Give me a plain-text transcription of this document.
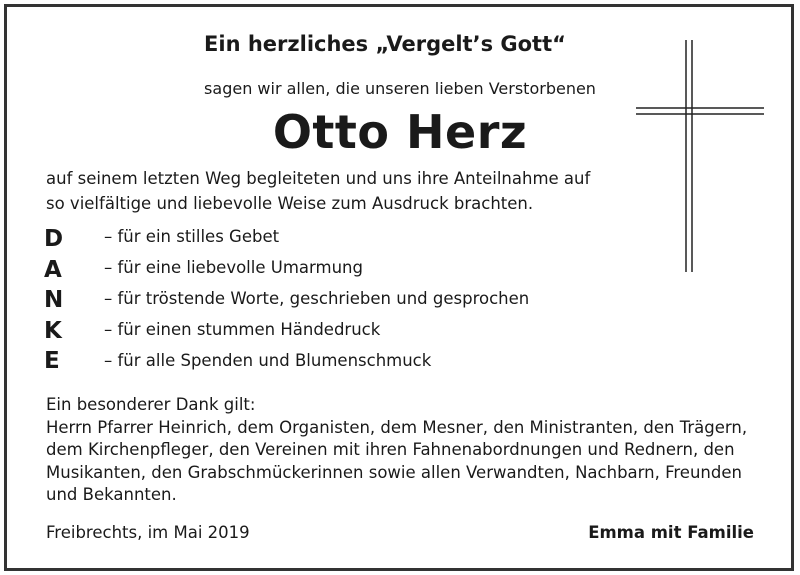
Ein herzliches „Vergelt’s Gott“
sagen wir allen, die unseren lieben Verstorbenen
Otto Herz
auf seinem letzten Weg begleiteten und uns ihre Anteilnahme auf so vielfältige und liebevolle Weise zum Ausdruck brachten.
D – für ein stilles Gebet
A	– für eine liebevolle Umarmung
N – für tröstende Worte, geschrieben und gesprochen
K	– für einen stummen Händedruck
E	– für alle Spenden und Blumenschmuck
Ein besonderer Dank gilt:
Herrn Pfarrer Heinrich, dem Organisten, dem Mesner, den Ministranten, den Trägern, dem Kirchenpfleger, den Vereinen mit ihren Fahnenabordnungen und Rednern, den Musikanten, den Grabschmückerinnen sowie allen Verwandten, Nachbarn, Freunden und Bekannten.
Freibrechts, im Mai 2019	Emma mit Familie
